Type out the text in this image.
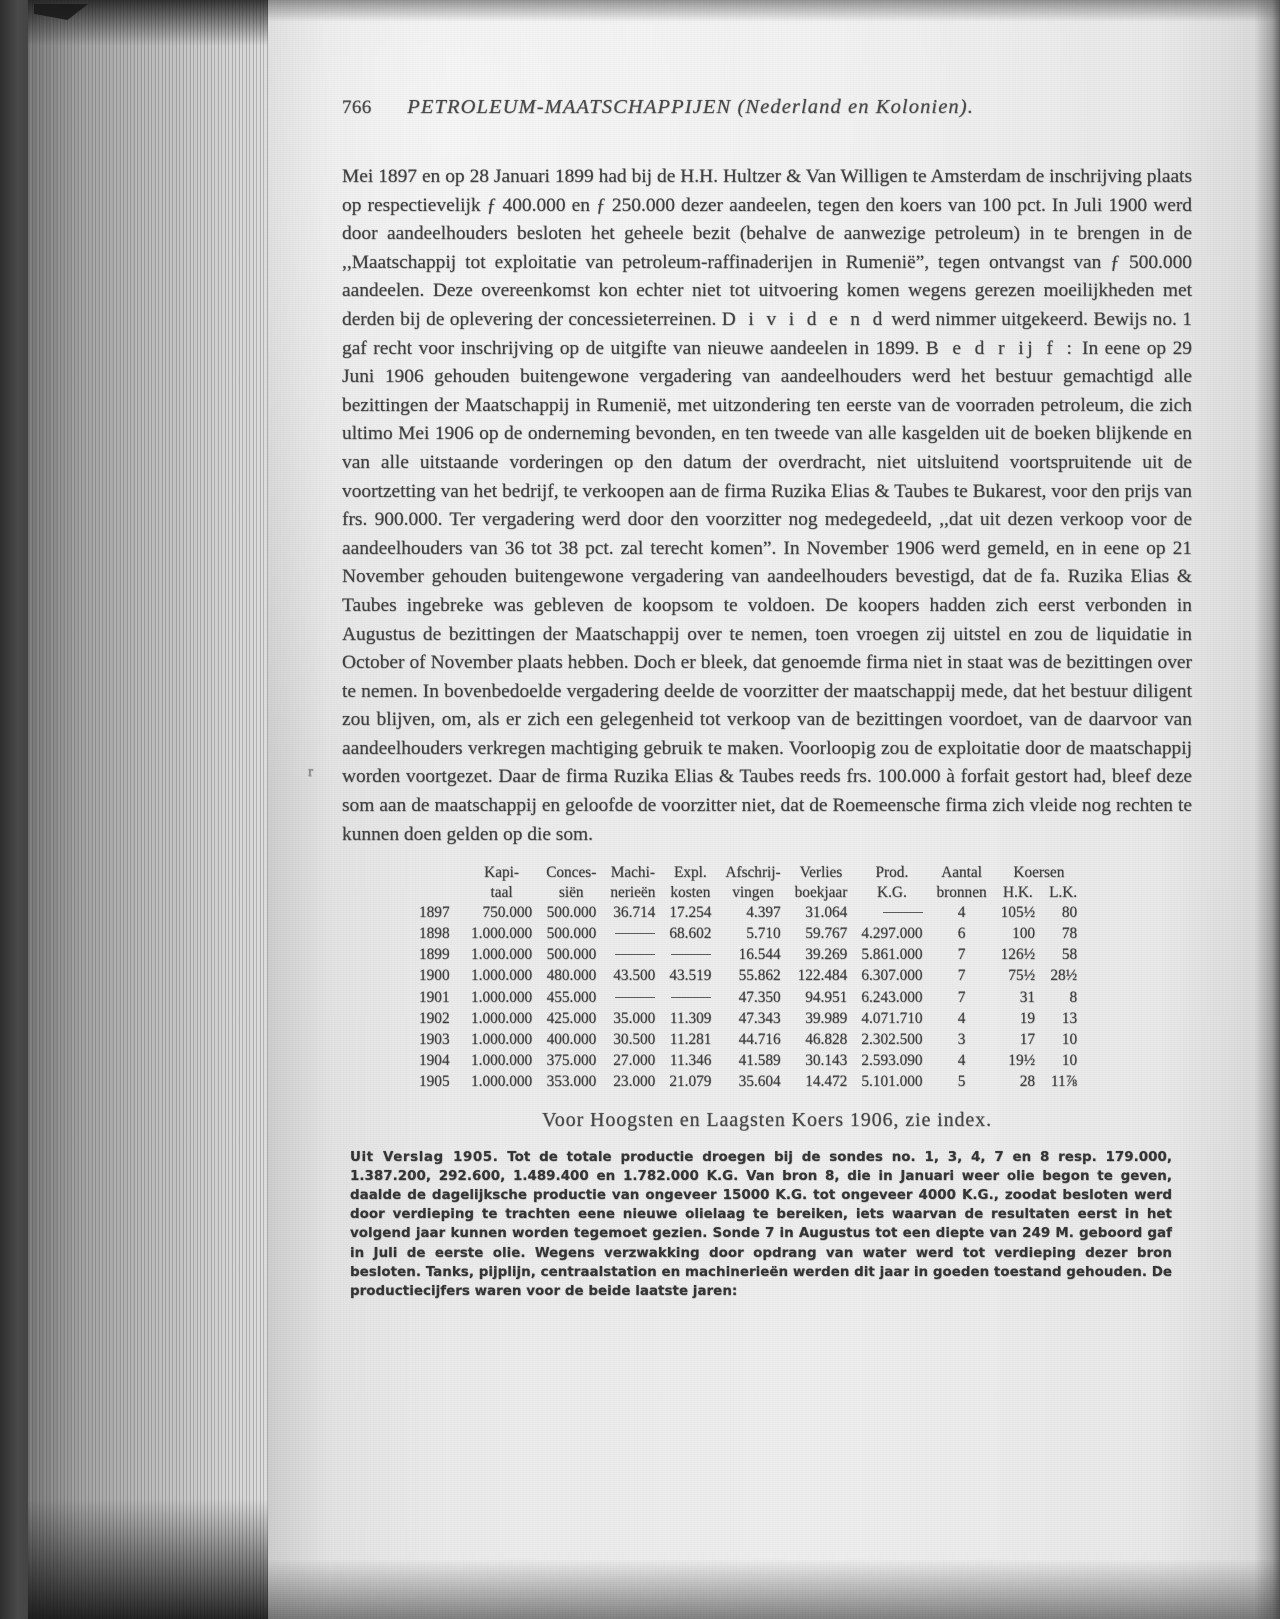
r
766 PETROLEUM-MAATSCHAPPIJEN (Nederland en Kolonien).

Mei 1897 en op 28 Januari 1899 had bij de H.H. Hultzer & Van Willigen te Amsterdam de inschrijving plaats op respectievelijk ƒ 400.000 en ƒ 250.000 dezer aandeelen, tegen den koers van 100 pct. In Juli 1900 werd door aandeelhouders besloten het geheele bezit (behalve de aanwezige petroleum) in te brengen in de ,,Maatschappij tot exploitatie van petroleum-raffinaderijen in Rumenië”, tegen ontvangst van ƒ 500.000 aandeelen. Deze overeenkomst kon echter niet tot uitvoering komen wegens gerezen moeilijkheden met derden bij de oplevering der concessieterreinen. D i v i d e n d werd nimmer uitgekeerd. Bewijs no. 1 gaf recht voor inschrijving op de uitgifte van nieuwe aandeelen in 1899. B e d r ij f : In eene op 29 Juni 1906 gehouden buitengewone vergadering van aandeelhouders werd het bestuur gemachtigd alle bezittingen der Maatschappij in Rumenië, met uitzondering ten eerste van de voorraden petroleum, die zich ultimo Mei 1906 op de onderneming bevonden, en ten tweede van alle kasgelden uit de boeken blijkende en van alle uitstaande vorderingen op den datum der overdracht, niet uitsluitend voortspruitende uit de voortzetting van het bedrijf, te verkoopen aan de firma Ruzika Elias & Taubes te Bukarest, voor den prijs van frs. 900.000. Ter vergadering werd door den voorzitter nog medegedeeld, ,,dat uit dezen verkoop voor de aandeelhouders van 36 tot 38 pct. zal terecht komen”. In November 1906 werd gemeld, en in eene op 21 November gehouden buitengewone vergadering van aandeelhouders bevestigd, dat de fa. Ruzika Elias & Taubes ingebreke was gebleven de koopsom te voldoen. De koopers hadden zich eerst verbonden in Augustus de bezittingen der Maatschappij over te nemen, toen vroegen zij uitstel en zou de liquidatie in October of November plaats hebben. Doch er bleek, dat genoemde firma niet in staat was de bezittingen over te nemen. In bovenbedoelde vergadering deelde de voorzitter der maatschappij mede, dat het bestuur diligent zou blijven, om, als er zich een gelegenheid tot verkoop van de bezittingen voordoet, van de daarvoor van aandeelhouders verkregen machtiging gebruik te maken. Voorloopig zou de exploitatie door de maatschappij worden voortgezet. Daar de firma Ruzika Elias & Taubes reeds frs. 100.000 à forfait gestort had, bleef deze som aan de maatschappij en geloofde de voorzitter niet, dat de Roemeensche firma zich vleide nog rechten te kunnen doen gelden op die som.

	Kapi-	Conces-	Machi-	Expl.	Afschrij-	Verlies	Prod.	Aantal	Koersen	
	taal	siën	nerieën	kosten	vingen	boekjaar	K.G.	bronnen	H.K.	L.K.
1897	750.000	500.000	36.714	17.254	4.397	31.064		4	105½	80
1898	1.000.000	500.000		68.602	5.710	59.767	4.297.000	6	100	78
1899	1.000.000	500.000			16.544	39.269	5.861.000	7	126½	58
1900	1.000.000	480.000	43.500	43.519	55.862	122.484	6.307.000	7	75½	28½
1901	1.000.000	455.000			47.350	94.951	6.243.000	7	31	8
1902	1.000.000	425.000	35.000	11.309	47.343	39.989	4.071.710	4	19	13
1903	1.000.000	400.000	30.500	11.281	44.716	46.828	2.302.500	3	17	10
1904	1.000.000	375.000	27.000	11.346	41.589	30.143	2.593.090	4	19½	10
1905	1.000.000	353.000	23.000	21.079	35.604	14.472	5.101.000	5	28	11⅞
Voor Hoogsten en Laagsten Koers 1906, zie index.
Uit Verslag 1905. Tot de totale productie droegen bij de sondes no. 1, 3, 4, 7 en 8 resp. 179.000, 1.387.200, 292.600, 1.489.400 en 1.782.000 K.G. Van bron 8, die in Januari weer olie begon te geven, daalde de dagelijksche productie van ongeveer 15000 K.G. tot ongeveer 4000 K.G., zoodat besloten werd door verdieping te trachten eene nieuwe olielaag te bereiken, iets waarvan de resultaten eerst in het volgend jaar kunnen worden tegemoet gezien. Sonde 7 in Augustus tot een diepte van 249 M. geboord gaf in Juli de eerste olie. Wegens verzwakking door opdrang van water werd tot verdieping dezer bron besloten. Tanks, pijplijn, centraalstation en machinerieën werden dit jaar in goeden toestand gehouden. De productiecijfers waren voor de beide laatste jaren:
